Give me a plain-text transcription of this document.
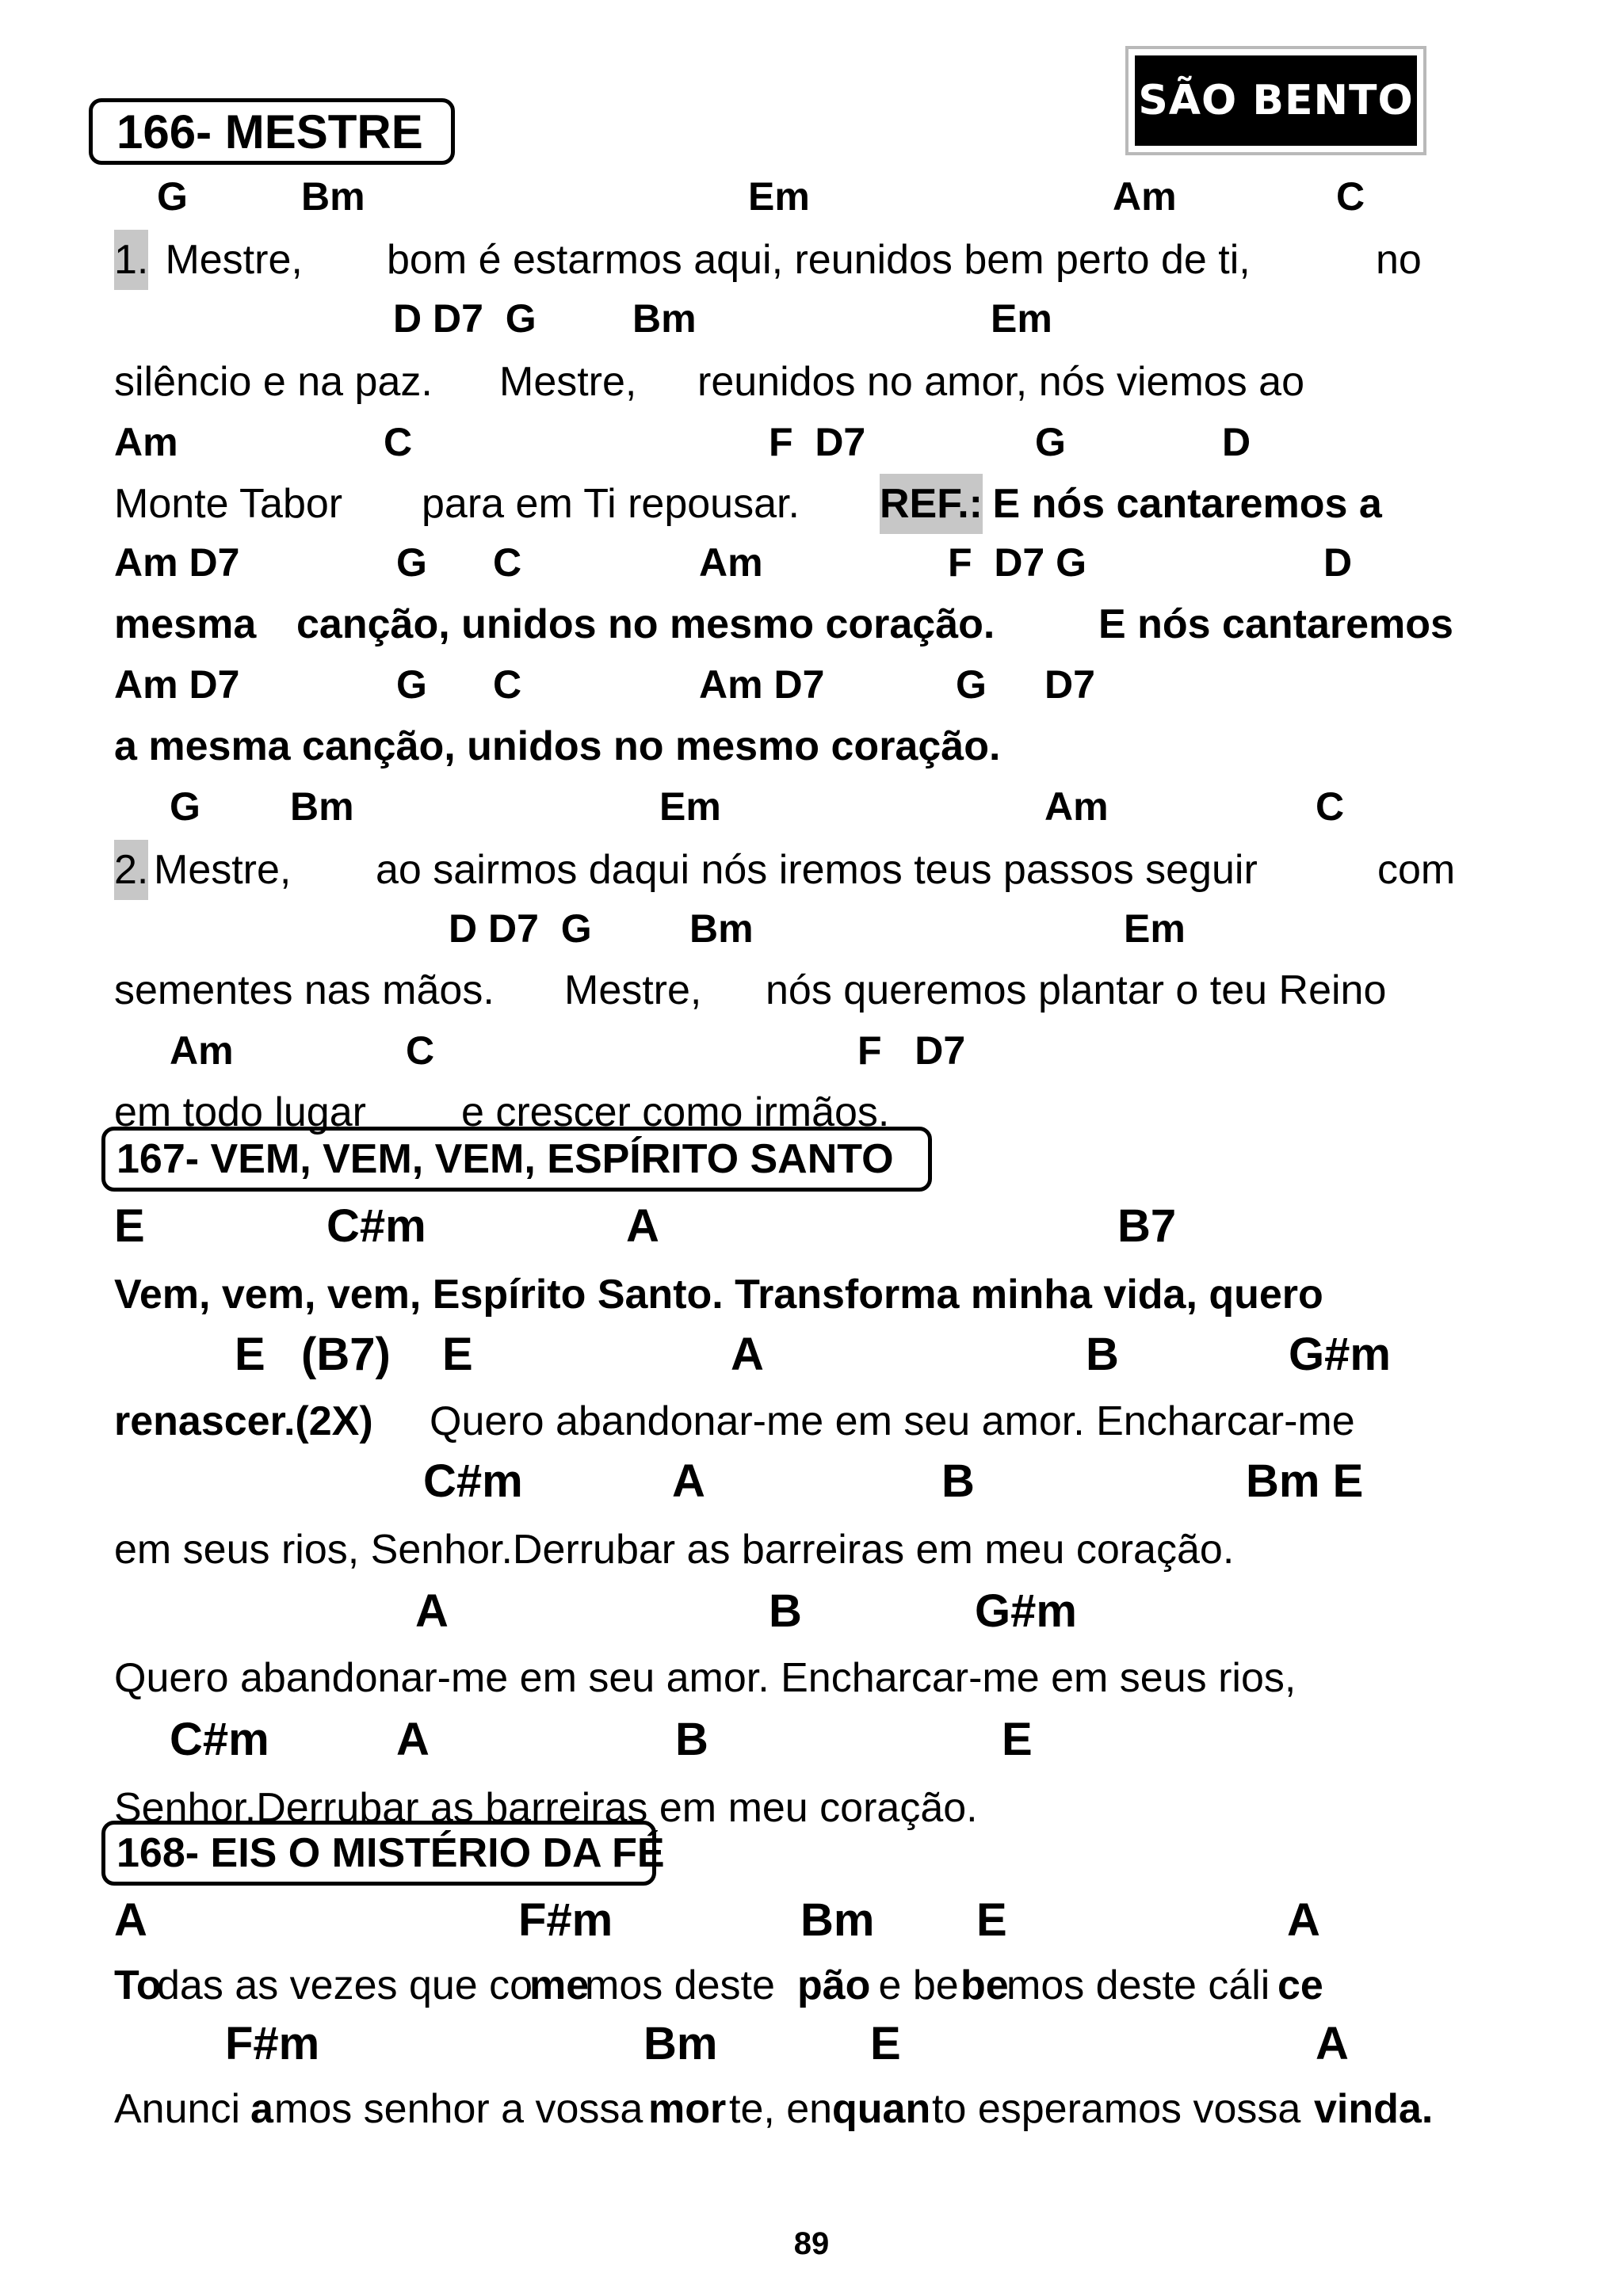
SÃO BENTO
166- MESTRE
167- VEM, VEM, VEM, ESPÍRITO SANTO
168- EIS O MISTÉRIO DA FÉ
G	Bm	Em	Am	C
1. Mestre, bom é estarmos aqui, reunidos bem perto de ti,	no
D D7  G Bm	Em
silêncio e na paz. Mestre, reunidos no amor, nós viemos ao
Am	C	F  D7	G	D
Monte Tabor para em Ti repousar. REF.:
E nós cantaremos a
Am D7	G C	Am	F  D7 G	D
mesma canção, unidos no mesmo coração.	E nós cantaremos
Am D7	G C	Am D7	G D7
a mesma canção, unidos no mesmo coração.
G Bm	Em	Am	C
2. Mestre, ao sairmos daqui nós iremos teus passos seguir	com
D D7  G Bm	Em
sementes nas mãos. Mestre, nós queremos plantar o teu Reino
Am	C	F   D7
em todo lugar e crescer como irmãos.
E	C#m	A	B7
Vem, vem, vem, Espírito Santo. Transforma minha vida, quero
E (B7) E	A	B	G#m
renascer.(2X) Quero abandonar-me em seu amor. Encharcar-me
C#m	A	B	Bm E
em seus rios, Senhor.Derrubar as barreiras em meu coração.
A	B	G#m
Quero abandonar-me em seu amor. Encharcar-me em seus rios,
C#m	A	B	E
Senhor.Derrubar as barreiras em meu coração.
A	F#m	Bm E	A
To
das as vezes que co
me
mos deste pão
e be be
mos deste cáli ce
F#m	Bm	E	A
Anunci a mos senhor a vossa
mor te, en quan to esperamos vossa vinda.
89
